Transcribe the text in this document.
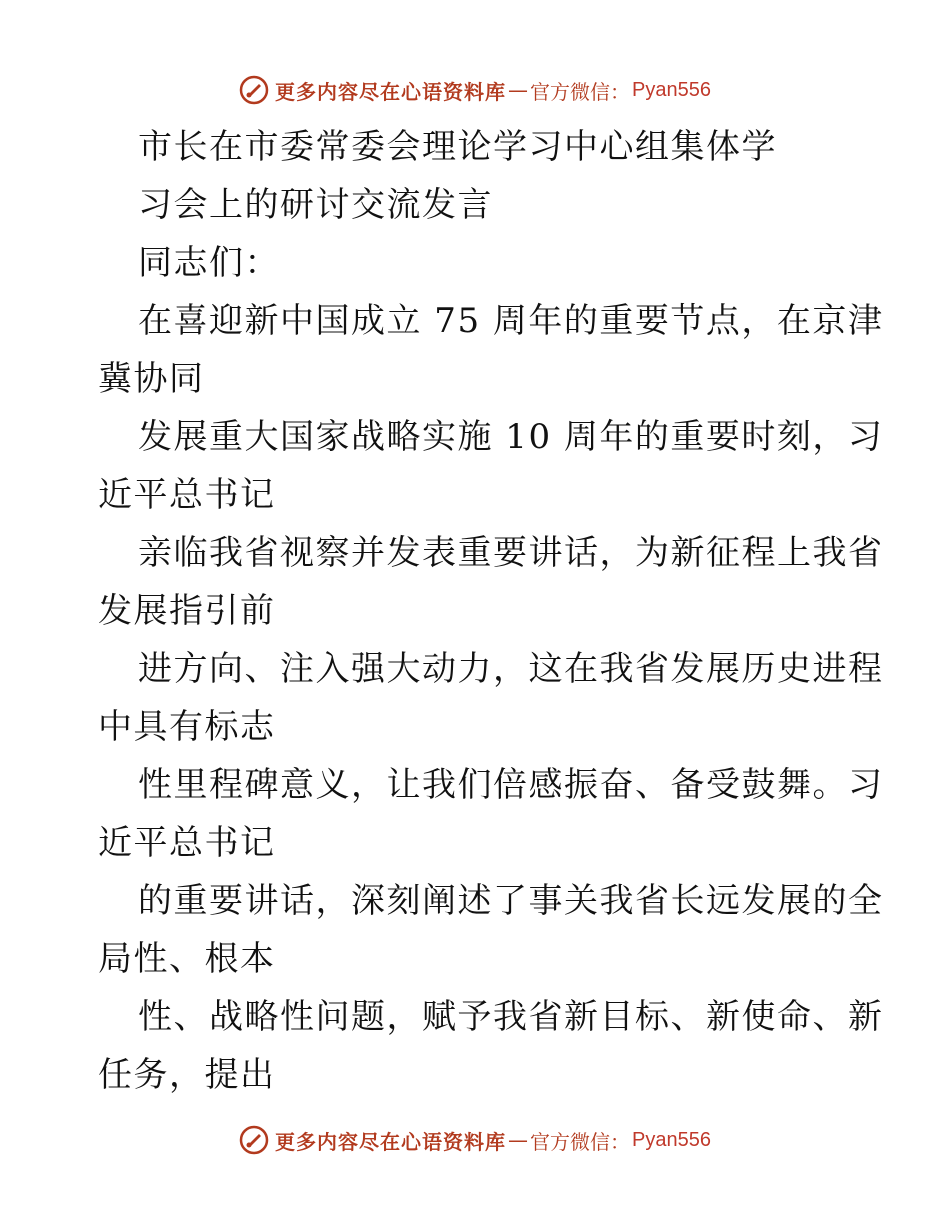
更多内容尽在心语资料库 — 官方微信： Pyan556
市长在市委常委会理论学习中心组集体学
习会上的研讨交流发言
同志们：
在喜迎新中国成立 75 周年的重要节点，在京津
冀协同
发展重大国家战略实施 10 周年的重要时刻，习
近平总书记
亲临我省视察并发表重要讲话，为新征程上我省
发展指引前
进方向、注入强大动力，这在我省发展历史进程
中具有标志
性里程碑意义，让我们倍感振奋、备受鼓舞。习
近平总书记
的重要讲话，深刻阐述了事关我省长远发展的全
局性、根本
性、战略性问题，赋予我省新目标、新使命、新
任务，提出
更多内容尽在心语资料库 — 官方微信： Pyan556
